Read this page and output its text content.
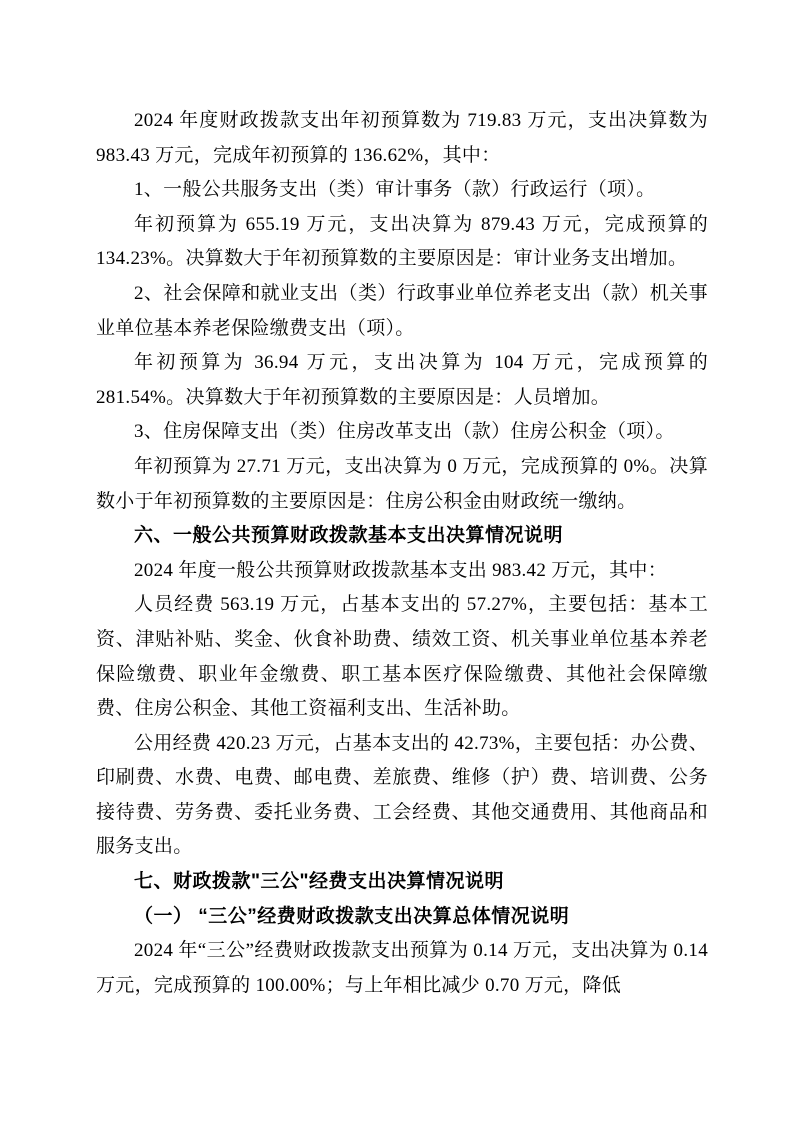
2024 年度财政拨款支出年初预算数为 719.83 万元，支出决算数为 983.43 万元，完成年初预算的 136.62%，其中：

1、一般公共服务支出（类）审计事务（款）行政运行（项）。

年初预算为 655.19 万元，支出决算为 879.43 万元，完成预算的 134.23%。决算数大于年初预算数的主要原因是：审计业务支出增加。

2、社会保障和就业支出（类）行政事业单位养老支出（款）机关事业单位基本养老保险缴费支出（项）。

年初预算为 36.94 万元，支出决算为 104 万元，完成预算的 281.54%。决算数大于年初预算数的主要原因是：人员增加。

3、住房保障支出（类）住房改革支出（款）住房公积金（项）。

年初预算为 27.71 万元，支出决算为 0 万元，完成预算的 0%。决算数小于年初预算数的主要原因是：住房公积金由财政统一缴纳。

六、一般公共预算财政拨款基本支出决算情况说明

2024 年度一般公共预算财政拨款基本支出 983.42 万元，其中：

人员经费 563.19 万元，占基本支出的 57.27%，主要包括：基本工资、津贴补贴、奖金、伙食补助费、绩效工资、机关事业单位基本养老保险缴费、职业年金缴费、职工基本医疗保险缴费、其他社会保障缴费、住房公积金、其他工资福利支出、生活补助。

公用经费 420.23 万元，占基本支出的 42.73%，主要包括：办公费、印刷费、水费、电费、邮电费、差旅费、维修（护）费、培训费、公务接待费、劳务费、委托业务费、工会经费、其他交通费用、其他商品和服务支出。

七、财政拨款"三公"经费支出决算情况说明

（一） “三公”经费财政拨款支出决算总体情况说明

2024 年“三公”经费财政拨款支出预算为 0.14 万元，支出决算为 0.14 万元，完成预算的 100.00%；与上年相比减少 0.70 万元，降低
